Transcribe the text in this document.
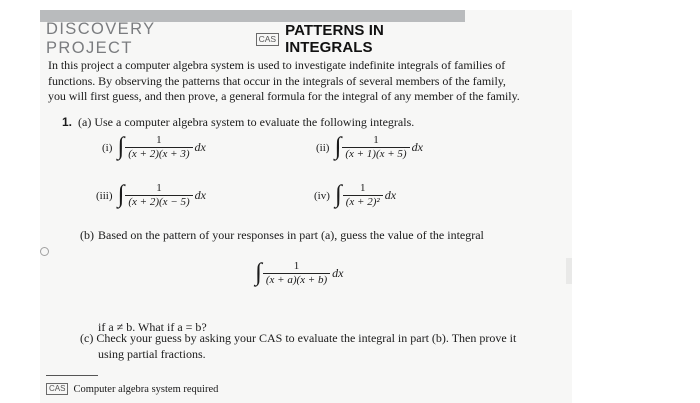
DISCOVERY PROJECT
CAS PATTERNS IN INTEGRALS
In this project a computer algebra system is used to investigate indefinite integrals of families of
functions. By observing the patterns that occur in the integrals of several members of the family,
you will first guess, and then prove, a general formula for the integral of any member of the family.
1. (a) Use a computer algebra system to evaluate the following integrals.
(i) ∫ $\frac{1}{(x + 2)(x + 3)}$ dx	(ii) ∫ $\frac{1}{(x + 1)(x + 5)}$ dx
(iii) ∫ $\frac{1}{(x + 2)(x - 5)}$ dx	(iv) ∫ $\frac{1}{\text{(x + 2)²}}$ dx
(b) Based on the pattern of your responses in part (a), guess the value of the integral
∫ $\frac{1}{(x + a)(x + b)}$ dx
if a ≠ b. What if a = b?
(c) Check your guess by asking your CAS to evaluate the integral in part (b). Then prove it
using partial fractions.
CAS Computer algebra system required
